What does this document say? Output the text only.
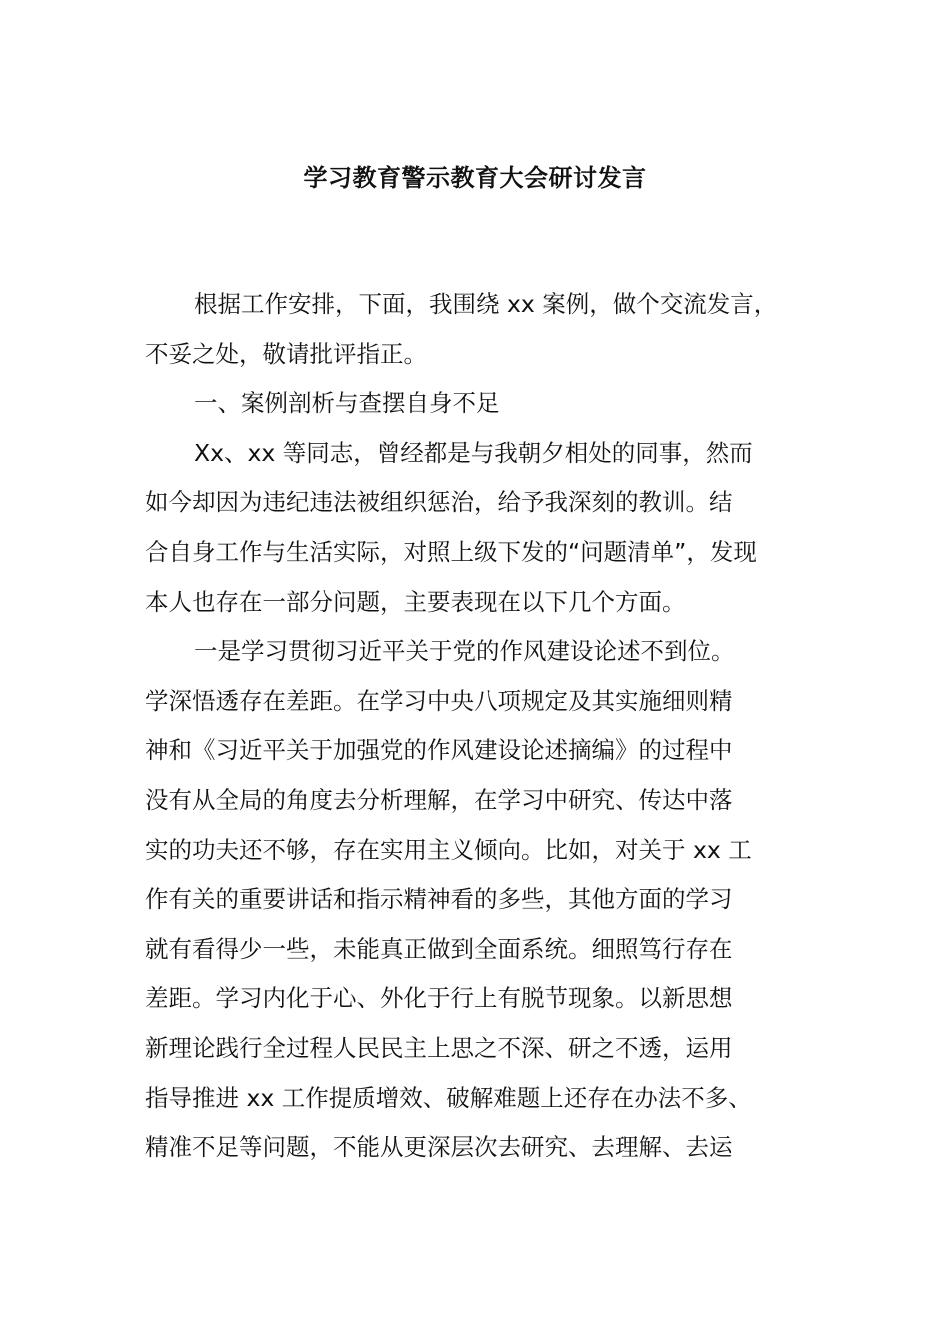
学习教育警示教育大会研讨发言
根据工作安排，下面，我围绕 xx 案例，做个交流发言，
不妥之处，敬请批评指正。
一、案例剖析与查摆自身不足
Xx、xx 等同志，曾经都是与我朝夕相处的同事，然而
如今却因为违纪违法被组织惩治，给予我深刻的教训。结
合自身工作与生活实际，对照上级下发的“问题清单”，发现
本人也存在一部分问题，主要表现在以下几个方面。
一是学习贯彻习近平关于党的作风建设论述不到位。
学深悟透存在差距。在学习中央八项规定及其实施细则精
神和《习近平关于加强党的作风建设论述摘编》的过程中
没有从全局的角度去分析理解，在学习中研究、传达中落
实的功夫还不够，存在实用主义倾向。比如，对关于 xx 工
作有关的重要讲话和指示精神看的多些，其他方面的学习
就有看得少一些，未能真正做到全面系统。细照笃行存在
差距。学习内化于心、外化于行上有脱节现象。以新思想
新理论践行全过程人民民主上思之不深、研之不透，运用
指导推进 xx 工作提质增效、破解难题上还存在办法不多、
精准不足等问题，不能从更深层次去研究、去理解、去运
